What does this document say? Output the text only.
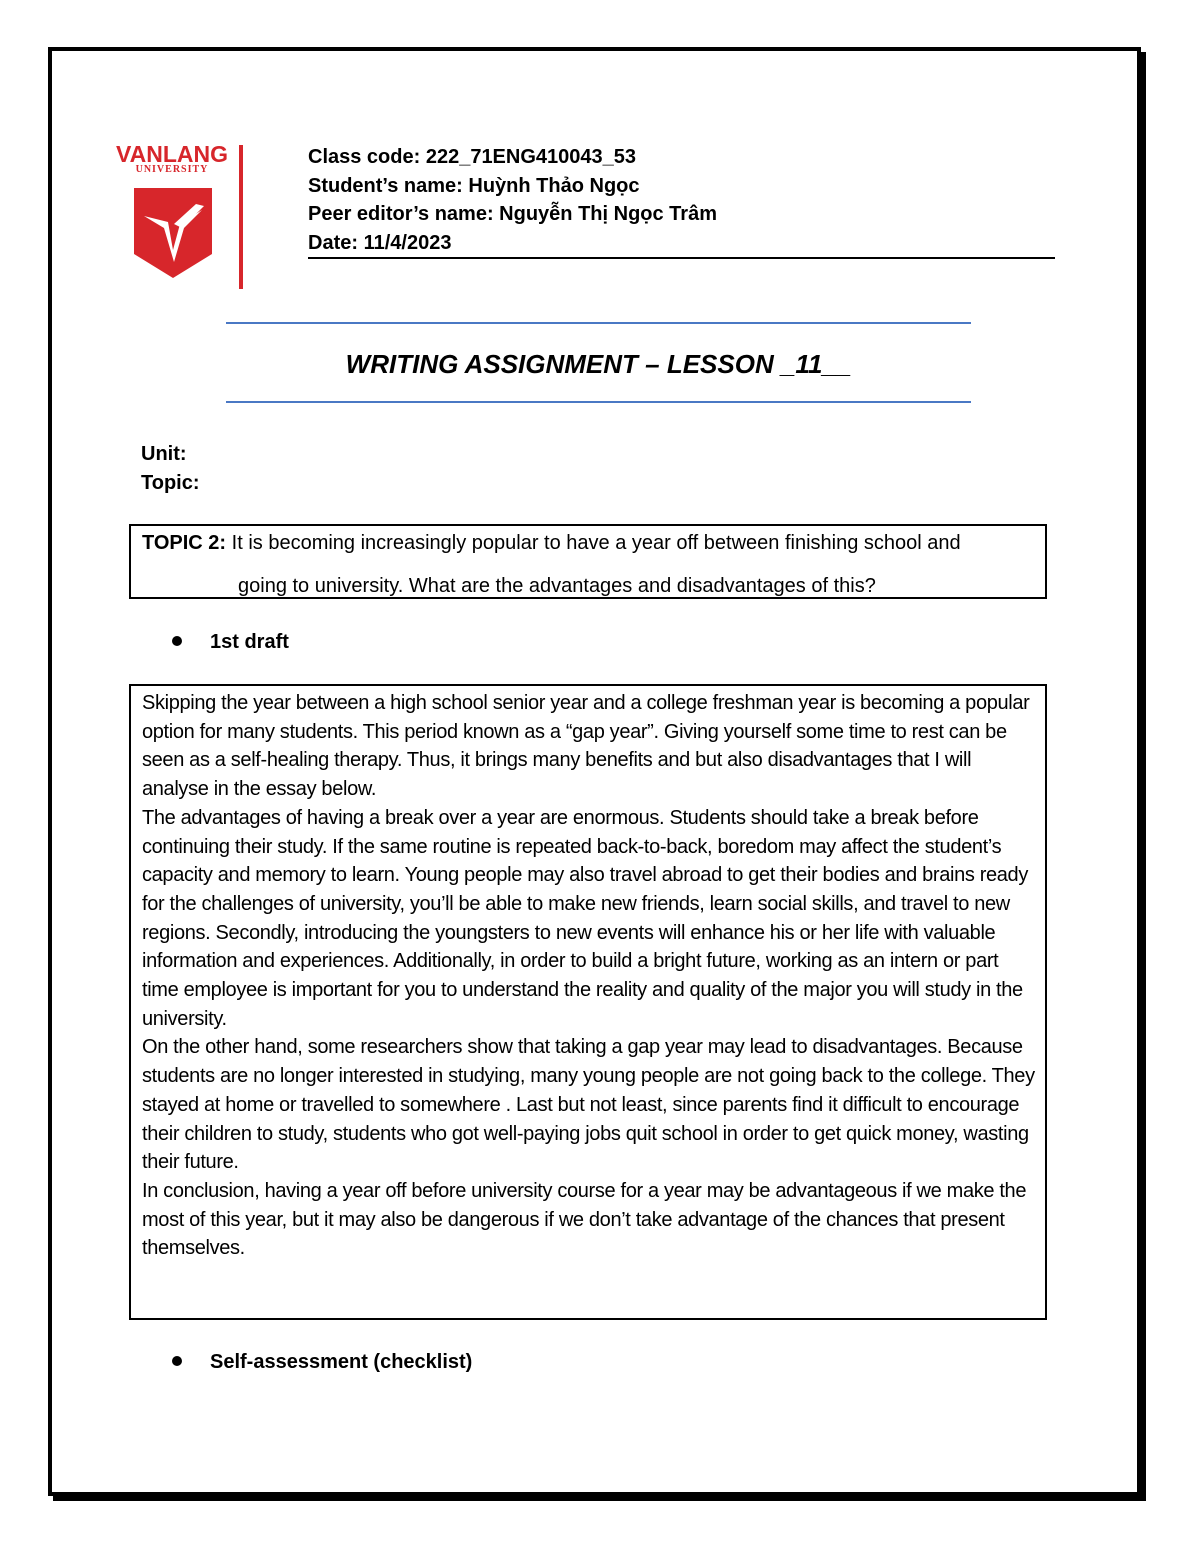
VANLANG
UNIVERSITY
Class code: 222_71ENG410043_53
Student’s name: Huỳnh Thảo Ngọc
Peer editor’s name: Nguyễn Thị Ngọc Trâm
Date: 11/4/2023
WRITING ASSIGNMENT – LESSON _11__
Unit:
Topic:
TOPIC 2: It is becoming increasingly popular to have a year off between finishing school and
going to university. What are the advantages and disadvantages of this?
1st draft

Skipping the year between a high school senior year and a college freshman year is becoming a popular option for many students. This period known as a “gap year”. Giving yourself some time to rest can be seen as a self-healing therapy. Thus, it brings many benefits and but also disadvantages that I will analyse in the essay below.

The advantages of having a break over a year are enormous. Students should take a break before continuing their study. If the same routine is repeated back-to-back, boredom may affect the student’s capacity and memory to learn. Young people may also travel abroad to get their bodies and brains ready for the challenges of university, you’ll be able to make new friends, learn social skills, and travel to new regions. Secondly, introducing the youngsters to new events will enhance his or her life with valuable information and experiences. Additionally, in order to build a bright future, working as an intern or part time employee is important for you to understand the reality and quality of the major you will study in the university.

On the other hand, some researchers show that taking a gap year may lead to disadvantages. Because students are no longer interested in studying, many young people are not going back to the college. They stayed at home or travelled to somewhere . Last but not least, since parents find it difficult to encourage their children to study, students who got well-paying jobs quit school in order to get quick money, wasting their future.

In conclusion, having a year off before university course for a year may be advantageous if we make the most of this year, but it may also be dangerous if we don’t take advantage of the chances that present themselves.

Self-assessment (checklist)
